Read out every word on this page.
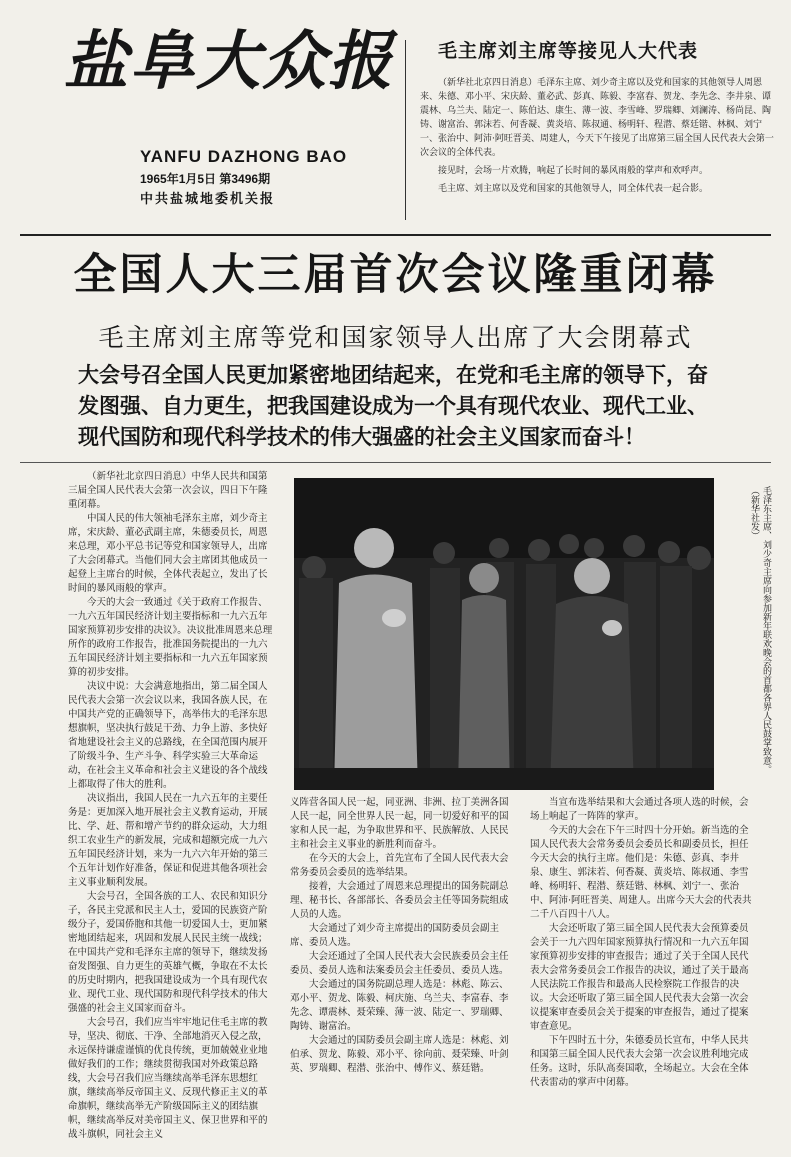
盐阜大众报
YANFU DAZHONG BAO
1965年1月5日 第3496期
中共盐城地委机关报
毛主席刘主席等接见人大代表

（新华社北京四日消息）毛泽东主席、刘少奇主席以及党和国家的其他领导人周恩来、朱德、邓小平、宋庆龄、董必武、彭真、陈毅、李富春、贺龙、李先念、李井泉、谭震林、乌兰夫、陆定一、陈伯达、康生、薄一波、李雪峰、罗瑞卿、刘澜涛、杨尚昆、陶铸、谢富治、郭沫若、何香凝、黄炎培、陈叔通、杨明轩、程潜、蔡廷锴、林枫、刘宁一、张治中、阿沛·阿旺晋美、周建人，今天下午接见了出席第三届全国人民代表大会第一次会议的全体代表。

接见时，会场一片欢腾，响起了长时间的暴风雨般的掌声和欢呼声。

毛主席、刘主席以及党和国家的其他领导人，同全体代表一起合影。

全国人大三届首次会议隆重闭幕
毛主席刘主席等党和国家领导人出席了大会閉幕式
大会号召全国人民更加紧密地团结起来，在党和毛主席的领导下，奋发图强、自力更生，把我国建设成为一个具有现代农业、现代工业、现代国防和现代科学技术的伟大强盛的社会主义国家而奋斗！

（新华社北京四日消息）中华人民共和国第三届全国人民代表大会第一次会议，四日下午隆重闭幕。

中国人民的伟大领袖毛泽东主席，刘少奇主席，宋庆龄、董必武副主席，朱德委员长，周恩来总理，邓小平总书记等党和国家领导人，出席了大会闭幕式。当他们同大会主席团其他成员一起登上主席台的时候，全体代表起立，发出了长时间的暴风雨般的掌声。

今天的大会一致通过《关于政府工作报告、一九六五年国民经济计划主要指标和一九六五年国家预算初步安排的决议》。决议批准周恩来总理所作的政府工作报告，批准国务院提出的一九六五年国民经济计划主要指标和一九六五年国家预算的初步安排。

决议中说：大会满意地指出，第二届全国人民代表大会第一次会议以来，我国各族人民，在中国共产党的正确领导下，高举伟大的毛泽东思想旗帜，坚决执行鼓足干劲、力争上游、多快好省地建设社会主义的总路线，在全国范围内展开了阶级斗争、生产斗争、科学实验三大革命运动，在社会主义革命和社会主义建设的各个战线上都取得了伟大的胜利。

决议指出，我国人民在一九六五年的主要任务是：更加深入地开展社会主义教育运动，开展比、学、赶、帮和增产节约的群众运动，大力组织工农业生产的新发展，完成和超额完成一九六五年国民经济计划，来为一九六六年开始的第三个五年计划作好准备，保证和促进其他各项社会主义事业顺利发展。

大会号召，全国各族的工人、农民和知识分子，各民主党派和民主人士，爱国的民族资产阶级分子，爱国侨胞和其他一切爱国人士，更加紧密地团结起来，巩固和发展人民民主统一战线；在中国共产党和毛泽东主席的领导下，继续发扬奋发图强、自力更生的英雄气概，争取在不太长的历史时期内，把我国建设成为一个具有现代农业、现代工业、现代国防和现代科学技术的伟大强盛的社会主义国家而奋斗。

大会号召，我们应当牢牢地记住毛主席的教导，坚决、彻底、干净、全部地消灭入侵之敌，永远保持谦虚谨慎的优良传统，更加兢兢业业地做好我们的工作；继续贯彻我国对外政策总路线，大会号召我们应当继续高举毛泽东思想红旗，继续高举反帝国主义、反现代修正主义的革命旗帜，继续高举无产阶级国际主义的团结旗帜，继续高举反对美帝国主义、保卫世界和平的战斗旗帜，同社会主义

毛泽东主席、刘少奇主席向参加新年联欢晚会的首都各界人民鼓掌致意。（新华社发）

义阵营各国人民一起，同亚洲、非洲、拉丁美洲各国人民一起，同全世界人民一起，同一切爱好和平的国家和人民一起，为争取世界和平、民族解放、人民民主和社会主义事业的新胜利而奋斗。

在今天的大会上，首先宣布了全国人民代表大会常务委员会委员的选举结果。

接着，大会通过了周恩来总理提出的国务院副总理、秘书长、各部部长、各委员会主任等国务院组成人员的人选。

大会通过了刘少奇主席提出的国防委员会副主席、委员人选。

大会还通过了全国人民代表大会民族委员会主任委员、委员人选和法案委员会主任委员、委员人选。

大会通过的国务院副总理人选是：林彪、陈云、邓小平、贺龙、陈毅、柯庆施、乌兰夫、李富春、李先念、谭震林、聂荣臻、薄一波、陆定一、罗瑞卿、陶铸、谢富治。

大会通过的国防委员会副主席人选是：林彪、刘伯承、贺龙、陈毅、邓小平、徐向前、聂荣臻、叶剑英、罗瑞卿、程潜、张治中、傅作义、蔡廷锴。

当宣布选举结果和大会通过各项人选的时候，会场上响起了一阵阵的掌声。

今天的大会在下午三时四十分开始。新当选的全国人民代表大会常务委员会委员长和副委员长，担任今天大会的执行主席。他们是：朱德、彭真、李井泉、康生、郭沫若、何香凝、黄炎培、陈叔通、李雪峰、杨明轩、程潜、蔡廷锴、林枫、刘宁一、张治中、阿沛·阿旺晋美、周建人。出席今天大会的代表共二千八百四十八人。

大会还听取了第三届全国人民代表大会预算委员会关于一九六四年国家预算执行情况和一九六五年国家预算初步安排的审查报告；通过了关于全国人民代表大会常务委员会工作报告的决议，通过了关于最高人民法院工作报告和最高人民检察院工作报告的决议。大会还听取了第三届全国人民代表大会第一次会议提案审查委员会关于提案的审查报告，通过了提案审查意见。

下午四时五十分，朱德委员长宣布，中华人民共和国第三届全国人民代表大会第一次会议胜利地完成任务。这时，乐队高奏国歌，全场起立。大会在全体代表雷动的掌声中闭幕。
